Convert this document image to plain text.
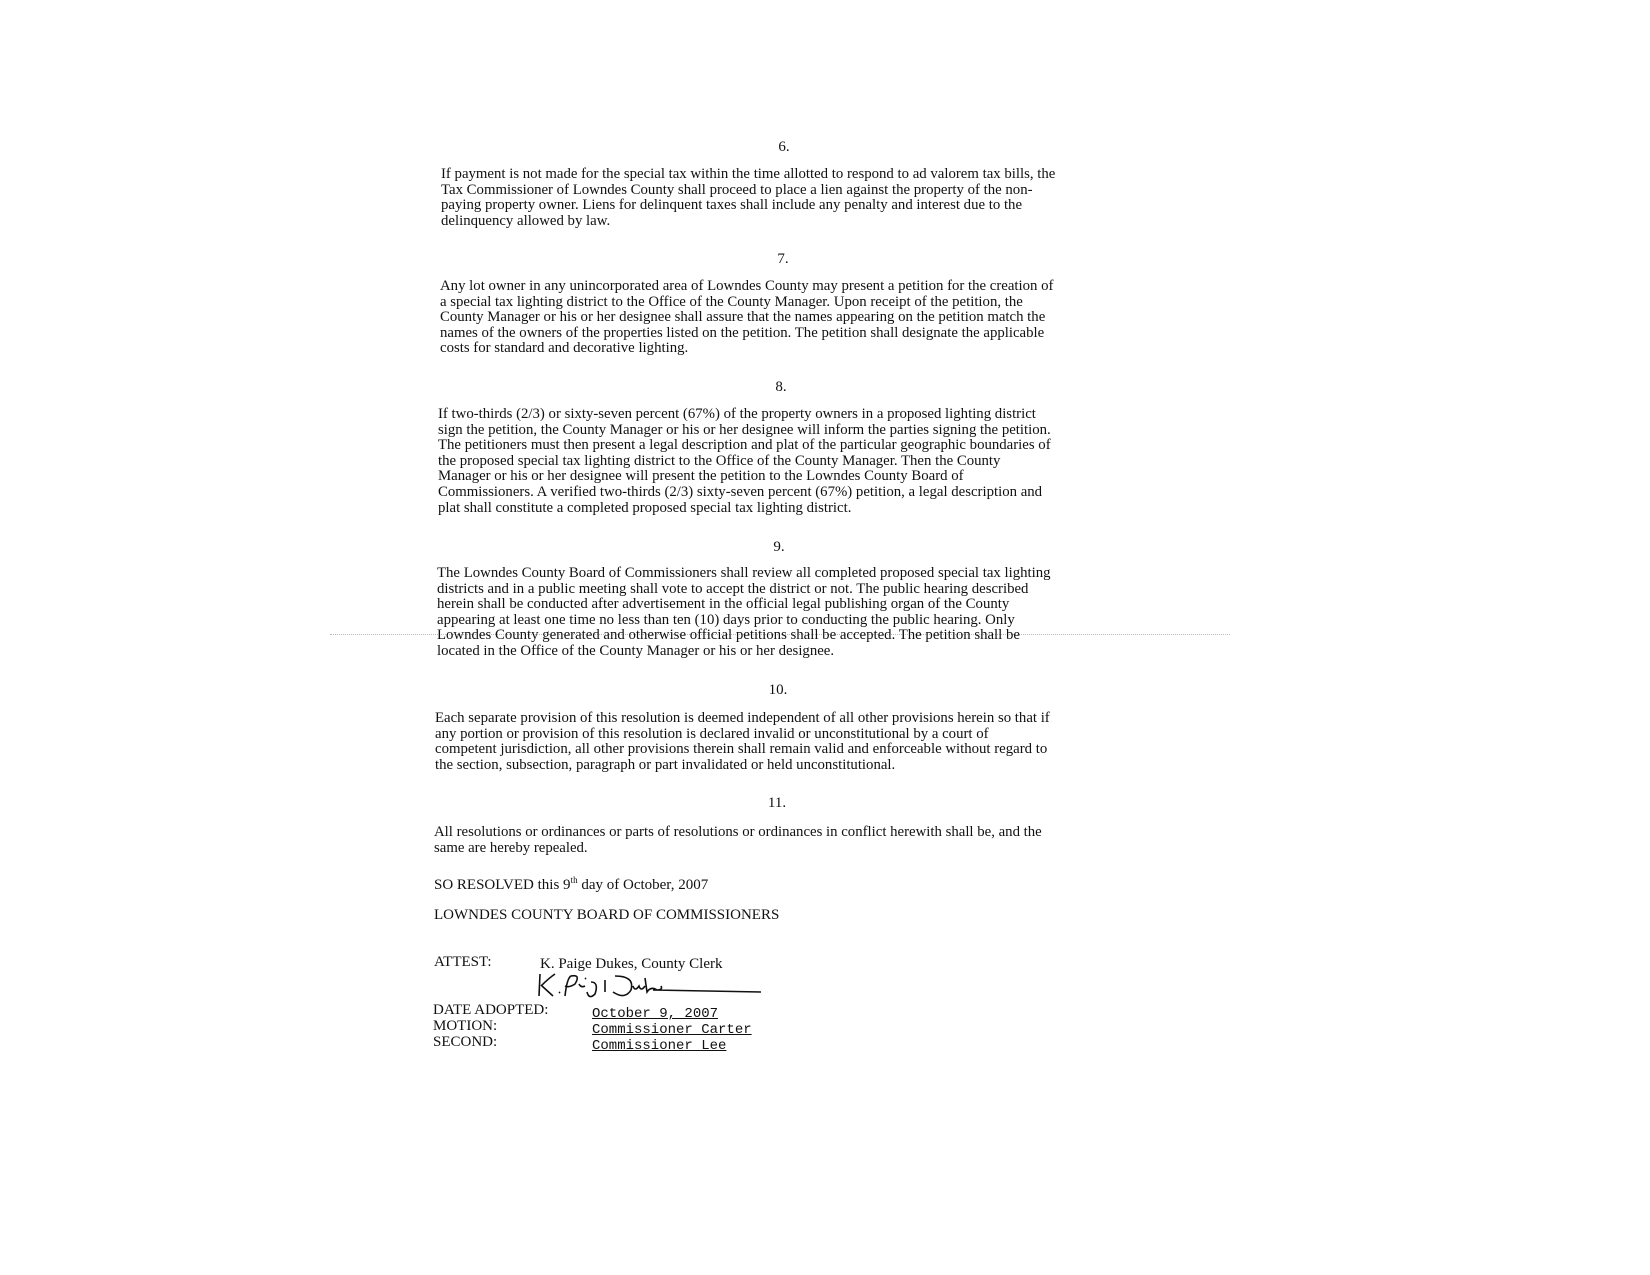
6.
If payment is not made for the special tax within the time allotted to respond to ad valorem tax bills, the
Tax Commissioner of Lowndes County shall proceed to place a lien against the property of the non-
paying property owner. Liens for delinquent taxes shall include any penalty and interest due to the
delinquency allowed by law.
7.
Any lot owner in any unincorporated area of Lowndes County may present a petition for the creation of
a special tax lighting district to the Office of the County Manager. Upon receipt of the petition, the
County Manager or his or her designee shall assure that the names appearing on the petition match the
names of the owners of the properties listed on the petition. The petition shall designate the applicable
costs for standard and decorative lighting.
8.
If two-thirds (2/3) or sixty-seven percent (67%) of the property owners in a proposed lighting district
sign the petition, the County Manager or his or her designee will inform the parties signing the petition.
The petitioners must then present a legal description and plat of the particular geographic boundaries of
the proposed special tax lighting district to the Office of the County Manager. Then the County
Manager or his or her designee will present the petition to the Lowndes County Board of
Commissioners. A verified two-thirds (2/3) sixty-seven percent (67%) petition, a legal description and
plat shall constitute a completed proposed special tax lighting district.
9.
The Lowndes County Board of Commissioners shall review all completed proposed special tax lighting
districts and in a public meeting shall vote to accept the district or not. The public hearing described
herein shall be conducted after advertisement in the official legal publishing organ of the County
appearing at least one time no less than ten (10) days prior to conducting the public hearing. Only
Lowndes County generated and otherwise official petitions shall be accepted. The petition shall be
located in the Office of the County Manager or his or her designee.
10.
Each separate provision of this resolution is deemed independent of all other provisions herein so that if
any portion or provision of this resolution is declared invalid or unconstitutional by a court of
competent jurisdiction, all other provisions therein shall remain valid and enforceable without regard to
the section, subsection, paragraph or part invalidated or held unconstitutional.
11.
All resolutions or ordinances or parts of resolutions or ordinances in conflict herewith shall be, and the
same are hereby repealed.
SO RESOLVED this 9th day of October, 2007
LOWNDES COUNTY BOARD OF COMMISSIONERS
ATTEST:	K. Paige Dukes, County Clerk
DATE ADOPTED:	October 9, 2007
MOTION:	Commissioner Carter
SECOND:	Commissioner Lee
